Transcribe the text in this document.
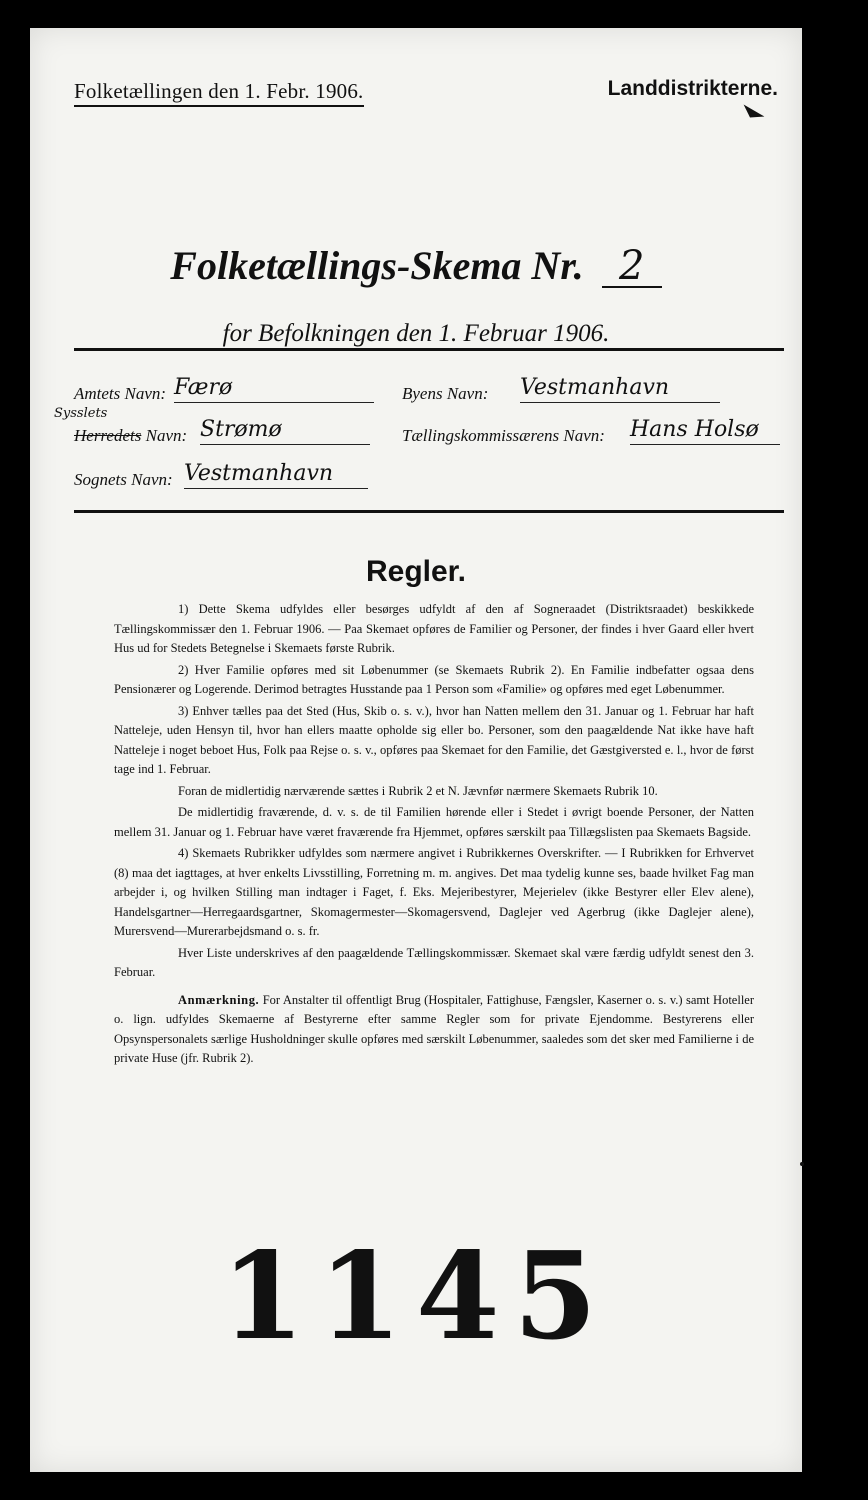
Folketællingen den 1. Febr. 1906.	Landdistrikterne.
Folketællings-Skema Nr. 2
for Befolkningen den 1. Februar 1906.
Amtets Navn: Færø	Byens Navn: Vestmanhavn
Sysslets
Herredets Navn: Strømø	Tællingskommissærens Navn: Hans Holsø
Sognets Navn: Vestmanhavn
Regler.

1) Dette Skema udfyldes eller besørges udfyldt af den af Sogneraadet (Distriktsraadet) beskikkede Tællingskommissær den 1. Februar 1906. — Paa Skemaet opføres de Familier og Personer, der findes i hver Gaard eller hvert Hus ud for Stedets Betegnelse i Skemaets første Rubrik.

2) Hver Familie opføres med sit Løbenummer (se Skemaets Rubrik 2). En Familie indbefatter ogsaa dens Pensionærer og Logerende. Derimod betragtes Husstande paa 1 Person som «Familie» og opføres med eget Løbenummer.

3) Enhver tælles paa det Sted (Hus, Skib o. s. v.), hvor han Natten mellem den 31. Januar og 1. Februar har haft Natteleje, uden Hensyn til, hvor han ellers maatte opholde sig eller bo. Personer, som den paagældende Nat ikke have haft Natteleje i noget beboet Hus, Folk paa Rejse o. s. v., opføres paa Skemaet for den Familie, det Gæstgiversted e. l., hvor de først tage ind 1. Februar.

Foran de midlertidig nærværende sættes i Rubrik 2 et N. Jævnfør nærmere Skemaets Rubrik 10.

De midlertidig fraværende, d. v. s. de til Familien hørende eller i Stedet i øvrigt boende Personer, der Natten mellem 31. Januar og 1. Februar have været fraværende fra Hjemmet, opføres særskilt paa Tillægslisten paa Skemaets Bagside.

4) Skemaets Rubrikker udfyldes som nærmere angivet i Rubrikkernes Overskrifter. — I Rubrikken for Erhvervet (8) maa det iagttages, at hver enkelts Livsstilling, Forretning m. m. angives. Det maa tydelig kunne ses, baade hvilket Fag man arbejder i, og hvilken Stilling man indtager i Faget, f. Eks. Mejeribestyrer, Mejerielev (ikke Bestyrer eller Elev alene), Handelsgartner—Herregaardsgartner, Skomagermester—Skomagersvend, Daglejer ved Agerbrug (ikke Daglejer alene), Murersvend—Murerarbejdsmand o. s. fr.

Hver Liste underskrives af den paagældende Tællingskommissær. Skemaet skal være færdig udfyldt senest den 3. Februar.

Anmærkning. For Anstalter til offentligt Brug (Hospitaler, Fattighuse, Fængsler, Kaserner o. s. v.) samt Hoteller o. lign. udfyldes Skemaerne af Bestyrerne efter samme Regler som for private Ejendomme. Bestyrerens eller Opsynspersonalets særlige Husholdninger skulle opføres med særskilt Løbenummer, saaledes som det sker med Familierne i de private Huse (jfr. Rubrik 2).

1145
